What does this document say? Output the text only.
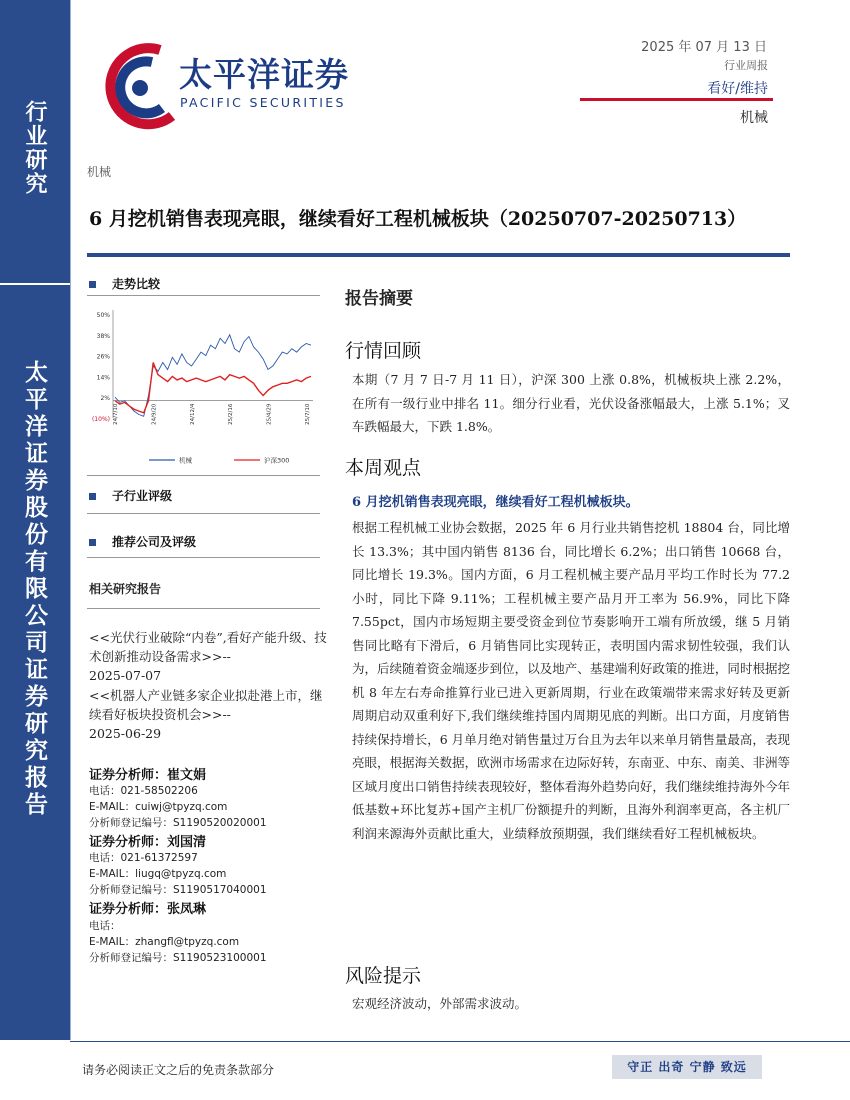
行业研究
太平洋证券股份有限公司证券研究报告
太平洋证券
PACIFIC SECURITIES
2025 年 07 月 13 日
行业周报
看好/维持
机械
机械
6 月挖机销售表现亮眼，继续看好工程机械板块（20250707-20250713）
走势比较
50%
38%
26%
14%
2%
(10%) 24/7/10	24/9/20	24/12/4	25/2/16	25/4/29	25/7/10
机械	沪深300
子行业评级
推荐公司及评级
相关研究报告
<<光伏行业破除“内卷”,看好产能升级、技术创新推动设备需求>>--
2025-07-07
<<机器人产业链多家企业拟赴港上市，继续看好板块投资机会>>--
2025-06-29
证券分析师：崔文娟
电话：021-58502206
E-MAIL：cuiwj@tpyzq.com
分析师登记编号：S1190520020001
证券分析师：刘国清
电话：021-61372597
E-MAIL：liugq@tpyzq.com
分析师登记编号：S1190517040001
证券分析师：张凤琳
电话：
E-MAIL：zhangfl@tpyzq.com
分析师登记编号：S1190523100001
报告摘要
行情回顾
本期（7 月 7 日-7 月 11 日），沪深 300 上涨 0.8%，机械板块上涨 2.2%，在所有一级行业中排名 11。细分行业看，光伏设备涨幅最大，上涨 5.1%；叉车跌幅最大，下跌 1.8%。
本周观点
6 月挖机销售表现亮眼，继续看好工程机械板块。
根据工程机械工业协会数据，2025 年 6 月行业共销售挖机 18804 台，同比增长 13.3%；其中国内销售 8136 台，同比增长 6.2%；出口销售 10668 台，同比增长 19.3%。国内方面，6 月工程机械主要产品月平均工作时长为 77.2 小时，同比下降 9.11%；工程机械主要产品月开工率为 56.9%，同比下降 7.55pct，国内市场短期主要受资金到位节奏影响开工端有所放缓，继 5 月销售同比略有下滑后，6 月销售同比实现转正，表明国内需求韧性较强，我们认为，后续随着资金端逐步到位，以及地产、基建端利好政策的推进，同时根据挖机 8 年左右寿命推算行业已进入更新周期，行业在政策端带来需求好转及更新周期启动双重利好下,我们继续维持国内周期见底的判断。出口方面，月度销售持续保持增长，6 月单月绝对销售量过万台且为去年以来单月销售量最高，表现亮眼，根据海关数据，欧洲市场需求在边际好转，东南亚、中东、南美、非洲等区域月度出口销售持续表现较好，整体看海外趋势向好，我们继续维持海外今年低基数+环比复苏+国产主机厂份额提升的判断，且海外利润率更高，各主机厂利润来源海外贡献比重大，业绩释放预期强，我们继续看好工程机械板块。
风险提示
宏观经济波动，外部需求波动。
请务必阅读正文之后的免责条款部分	守正 出奇 宁静 致远
